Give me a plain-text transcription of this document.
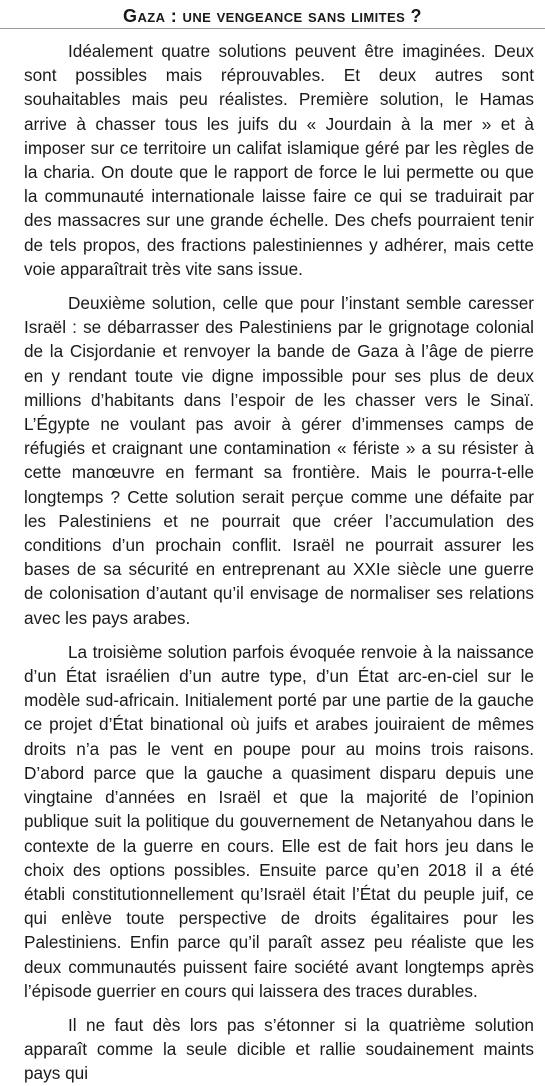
Gaza : une vengeance sans limites ?

Idéalement quatre solutions peuvent être imaginées. Deux sont possibles mais réprouvables. Et deux autres sont souhaitables mais peu réalistes. Première solution, le Hamas arrive à chasser tous les juifs du « Jourdain à la mer » et à imposer sur ce territoire un califat islamique géré par les règles de la charia. On doute que le rapport de force le lui permette ou que la communauté internationale laisse faire ce qui se traduirait par des massacres sur une grande échelle. Des chefs pourraient tenir de tels propos, des fractions palestiniennes y adhérer, mais cette voie apparaîtrait très vite sans issue.

Deuxième solution, celle que pour l’instant semble caresser Israël : se débarrasser des Palestiniens par le grignotage colonial de la Cisjordanie et renvoyer la bande de Gaza à l’âge de pierre en y rendant toute vie digne impossible pour ses plus de deux millions d’habitants dans l’espoir de les chasser vers le Sinaï. L’Égypte ne voulant pas avoir à gérer d’immenses camps de réfugiés et craignant une contamination « fériste » a su résister à cette manœuvre en fermant sa frontière. Mais le pourra-t-elle longtemps ? Cette solution serait perçue comme une défaite par les Palestiniens et ne pourrait que créer l’accumulation des conditions d’un prochain conflit. Israël ne pourrait assurer les bases de sa sécurité en entreprenant au XXIe siècle une guerre de colonisation d’autant qu’il envisage de normaliser ses relations avec les pays arabes.

La troisième solution parfois évoquée renvoie à la naissance d’un État israélien d’un autre type, d’un État arc-en-ciel sur le modèle sud-africain. Initialement porté par une partie de la gauche ce projet d’État binational où juifs et arabes jouiraient de mêmes droits n’a pas le vent en poupe pour au moins trois raisons. D’abord parce que la gauche a quasiment disparu depuis une vingtaine d’années en Israël et que la majorité de l’opinion publique suit la politique du gouvernement de Netanyahou dans le contexte de la guerre en cours. Elle est de fait hors jeu dans le choix des options possibles. Ensuite parce qu’en 2018 il a été établi constitutionnellement qu’Israël était l’État du peuple juif, ce qui enlève toute perspective de droits égalitaires pour les Palestiniens. Enfin parce qu’il paraît assez peu réaliste que les deux communautés puissent faire société avant longtemps après l’épisode guerrier en cours qui laissera des traces durables.

Il ne faut dès lors pas s’étonner si la quatrième solution apparaît comme la seule dicible et rallie soudainement maints pays qui
